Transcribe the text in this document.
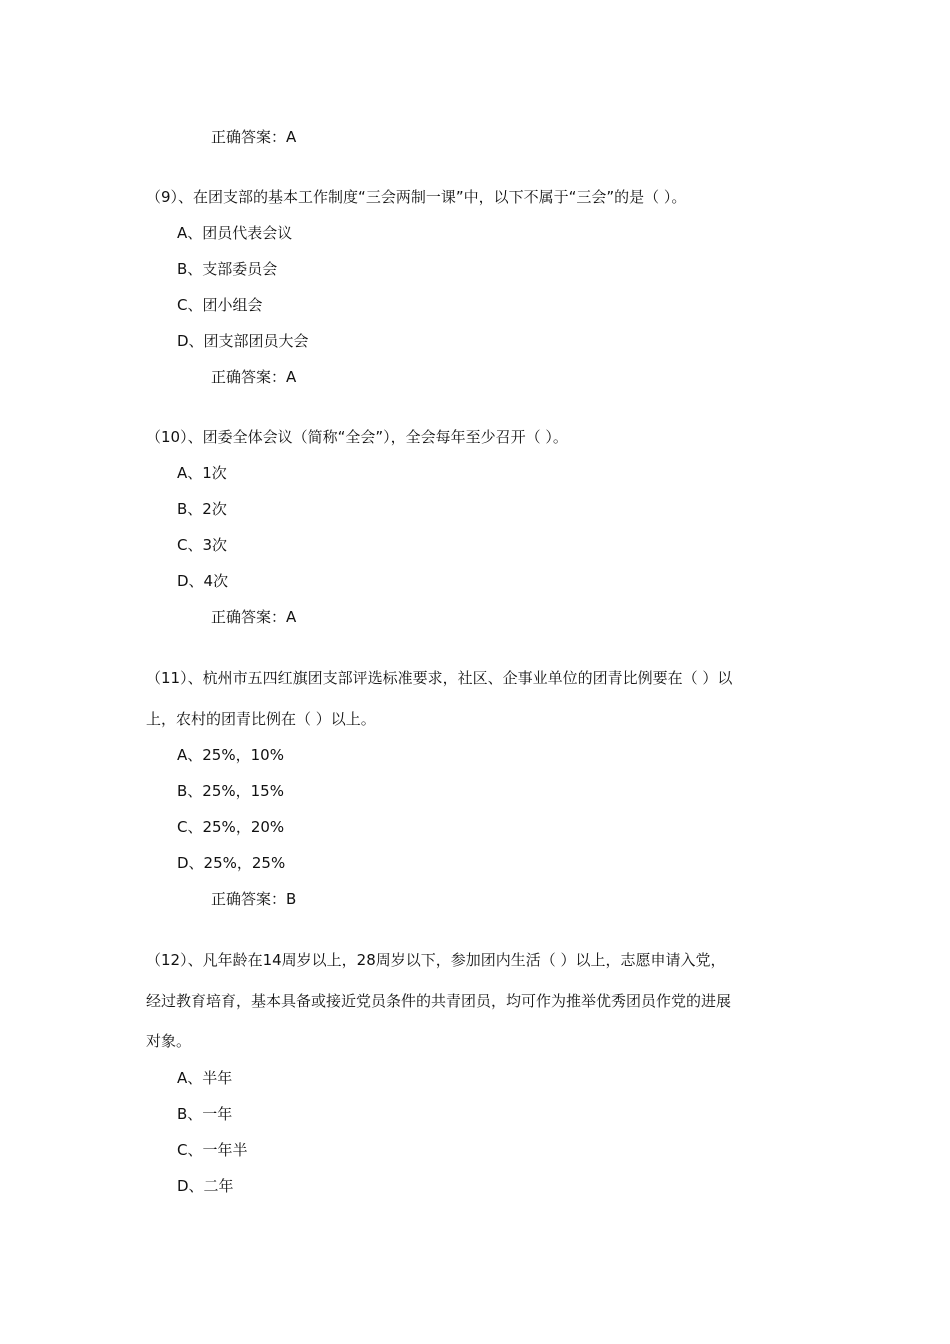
正确答案：A
（9）、在团支部的基本工作制度“三会两制一课”中，以下不属于“三会”的是（ ）。
A、团员代表会议
B、支部委员会
C、团小组会
D、团支部团员大会
正确答案：A
（10）、团委全体会议（简称“全会”），全会每年至少召开（ ）。
A、1次
B、2次
C、3次
D、4次
正确答案：A
（11）、杭州市五四红旗团支部评选标准要求，社区、企事业单位的团青比例要在（ ）以
上，农村的团青比例在（ ）以上。
A、25%，10%
B、25%，15%
C、25%，20%
D、25%，25%
正确答案：B
（12）、凡年龄在14周岁以上，28周岁以下，参加团内生活（ ）以上，志愿申请入党，
经过教育培育，基本具备或接近党员条件的共青团员，均可作为推举优秀团员作党的进展
对象。
A、半年
B、一年
C、一年半
D、二年
